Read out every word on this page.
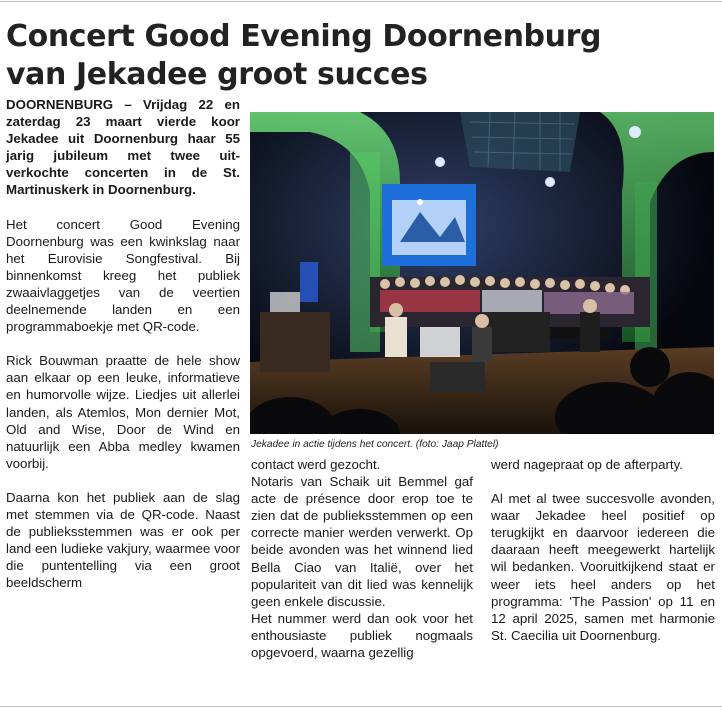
Concert Good Evening Doornenburg
van Jekadee groot succes

DOORNENBURG – Vrijdag 22 en zaterdag 23 maart vierde koor Jekadee uit Doornenburg haar 55 jarig jubileum met twee uit-verkochte concerten in de St. Martinuskerk in Doornenburg.

Het concert Good Evening Doornenburg was een kwinkslag naar het Eurovisie Songfestival. Bij binnenkomst kreeg het publiek zwaaivlaggetjes van de veertien deelnemende landen en een programmaboekje met QR-code.

Rick Bouwman praatte de hele show aan elkaar op een leuke, informatieve en humorvolle wijze. Liedjes uit allerlei landen, als Atemlos, Mon dernier Mot, Old and Wise, Door de Wind en natuurlijk een Abba medley kwamen voorbij.

Daarna kon het publiek aan de slag met stemmen via de QR-code. Naast de publieksstemmen was er ook per land een ludieke vakjury, waarmee voor die puntentelling via een groot beeldscherm

Jekadee in actie tijdens het concert. (foto: Jaap Plattel)

contact werd gezocht.

Notaris van Schaik uit Bemmel gaf acte de présence door erop toe te zien dat de publieksstemmen op een correcte manier werden verwerkt. Op beide avonden was het winnend lied Bella Ciao van Italië, over het populariteit van dit lied was kennelijk geen enkele discussie.

Het nummer werd dan ook voor het enthousiaste publiek nogmaals opgevoerd, waarna gezellig

werd nagepraat op de afterparty.

Al met al twee succesvolle avonden, waar Jekadee heel positief op terugkijkt en daarvoor iedereen die daaraan heeft meegewerkt hartelijk wil bedanken. Vooruitkijkend staat er weer iets heel anders op het programma: 'The Passion' op 11 en 12 april 2025, samen met harmonie St. Caecilia uit Doornenburg.
